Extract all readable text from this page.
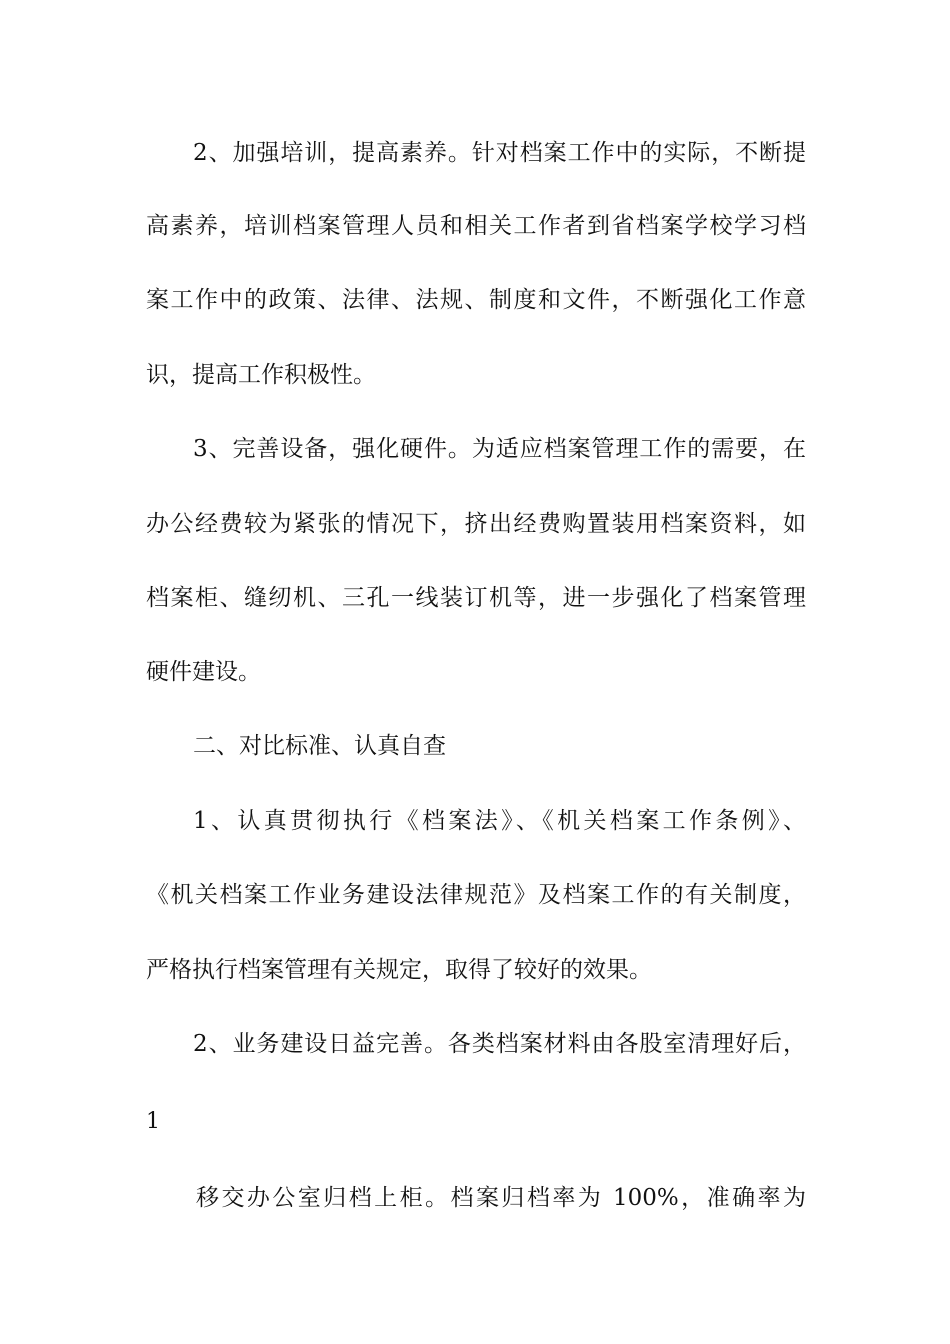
2、加强培训，提高素养。针对档案工作中的实际，不断提
高素养，培训档案管理人员和相关工作者到省档案学校学习档
案工作中的政策、法律、法规、制度和文件，不断强化工作意
识，提高工作积极性。
3、完善设备，强化硬件。为适应档案管理工作的需要，在
办公经费较为紧张的情况下，挤出经费购置装用档案资料，如
档案柜、缝纫机、三孔一线装订机等，进一步强化了档案管理
硬件建设。
二、对比标准、认真自查
1、认真贯彻执行《档案法》、《机关档案工作条例》、
《机关档案工作业务建设法律规范》及档案工作的有关制度，
严格执行档案管理有关规定，取得了较好的效果。
2、业务建设日益完善。各类档案材料由各股室清理好后，
1
移交办公室归档上柜。档案归档率为 100%，准确率为
